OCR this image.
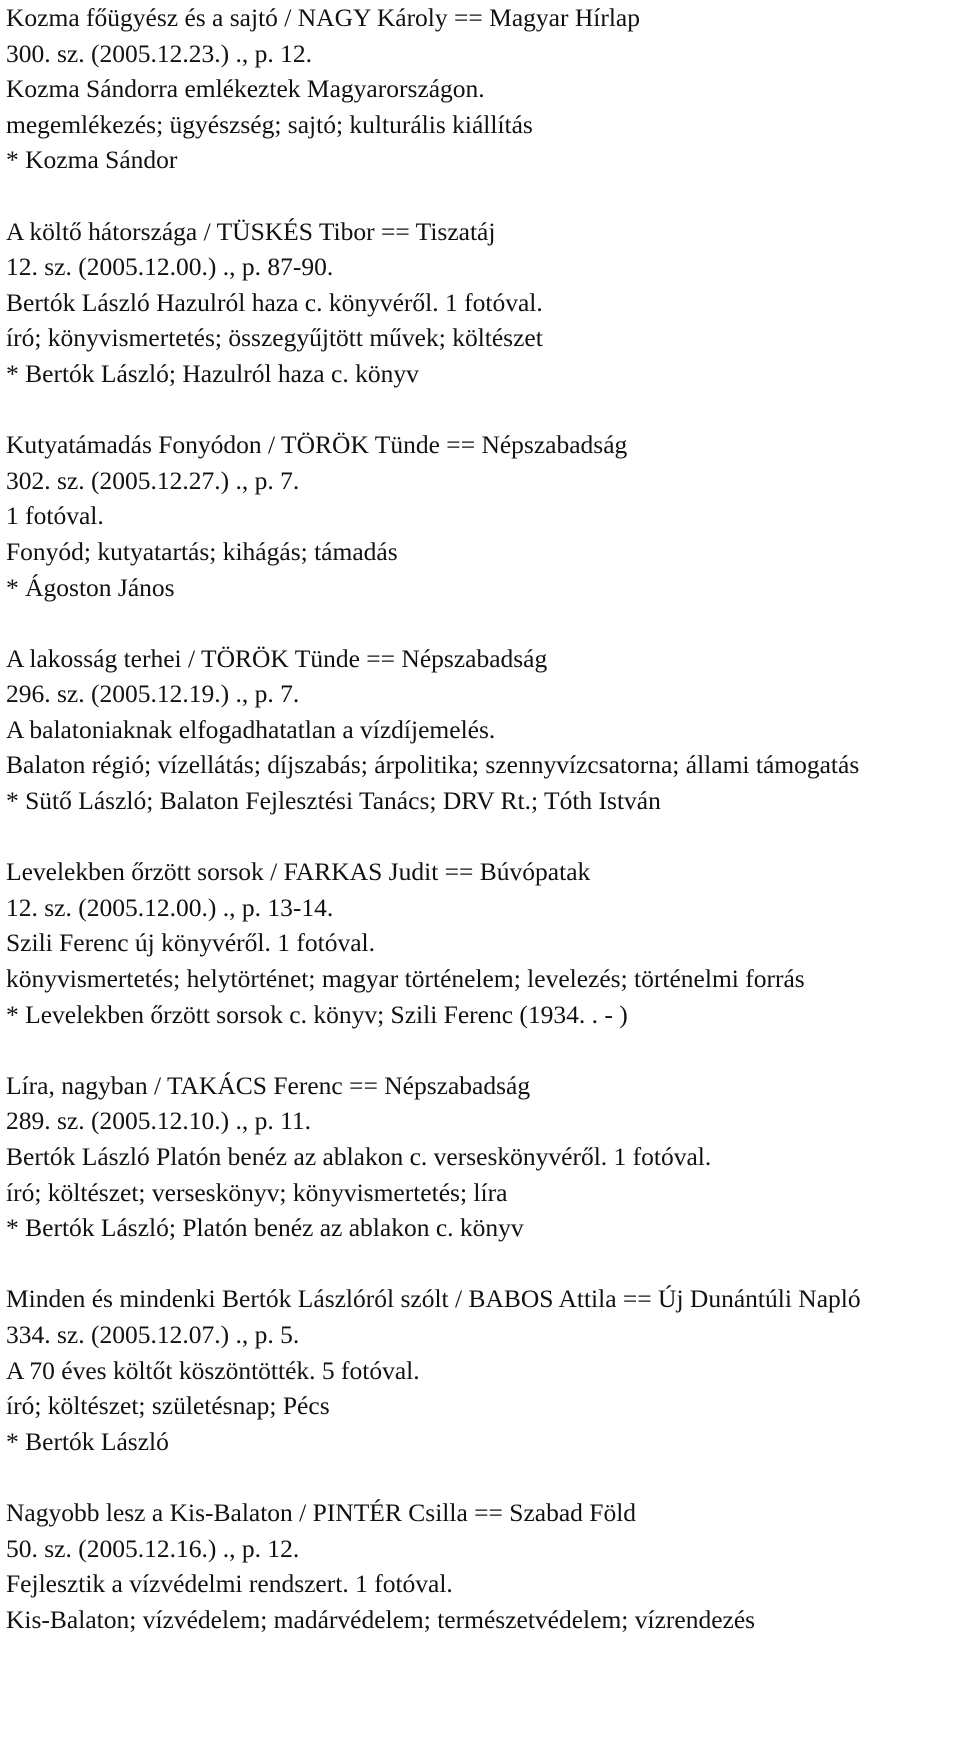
Kozma főügyész és a sajtó / NAGY Károly == Magyar Hírlap
300. sz. (2005.12.23.) ., p. 12.
Kozma Sándorra emlékeztek Magyarországon.
megemlékezés; ügyészség; sajtó; kulturális kiállítás
* Kozma Sándor
A költő hátországa / TÜSKÉS Tibor == Tiszatáj
12. sz. (2005.12.00.) ., p. 87-90.
Bertók László Hazulról haza c. könyvéről. 1 fotóval.
író; könyvismertetés; összegyűjtött művek; költészet
* Bertók László; Hazulról haza c. könyv
Kutyatámadás Fonyódon / TÖRÖK Tünde == Népszabadság
302. sz. (2005.12.27.) ., p. 7.
1 fotóval.
Fonyód; kutyatartás; kihágás; támadás
* Ágoston János
A lakosság terhei / TÖRÖK Tünde == Népszabadság
296. sz. (2005.12.19.) ., p. 7.
A balatoniaknak elfogadhatatlan a vízdíjemelés.
Balaton régió; vízellátás; díjszabás; árpolitika; szennyvízcsatorna; állami támogatás
* Sütő László; Balaton Fejlesztési Tanács; DRV Rt.; Tóth István
Levelekben őrzött sorsok / FARKAS Judit == Búvópatak
12. sz. (2005.12.00.) ., p. 13-14.
Szili Ferenc új könyvéről. 1 fotóval.
könyvismertetés; helytörténet; magyar történelem; levelezés; történelmi forrás
* Levelekben őrzött sorsok c. könyv; Szili Ferenc (1934. . - )
Líra, nagyban / TAKÁCS Ferenc == Népszabadság
289. sz. (2005.12.10.) ., p. 11.
Bertók László Platón benéz az ablakon c. verseskönyvéről. 1 fotóval.
író; költészet; verseskönyv; könyvismertetés; líra
* Bertók László; Platón benéz az ablakon c. könyv
Minden és mindenki Bertók Lászlóról szólt / BABOS Attila == Új Dunántúli Napló
334. sz. (2005.12.07.) ., p. 5.
A 70 éves költőt köszöntötték. 5 fotóval.
író; költészet; születésnap; Pécs
* Bertók László
Nagyobb lesz a Kis-Balaton / PINTÉR Csilla == Szabad Föld
50. sz. (2005.12.16.) ., p. 12.
Fejlesztik a vízvédelmi rendszert. 1 fotóval.
Kis-Balaton; vízvédelem; madárvédelem; természetvédelem; vízrendezés
